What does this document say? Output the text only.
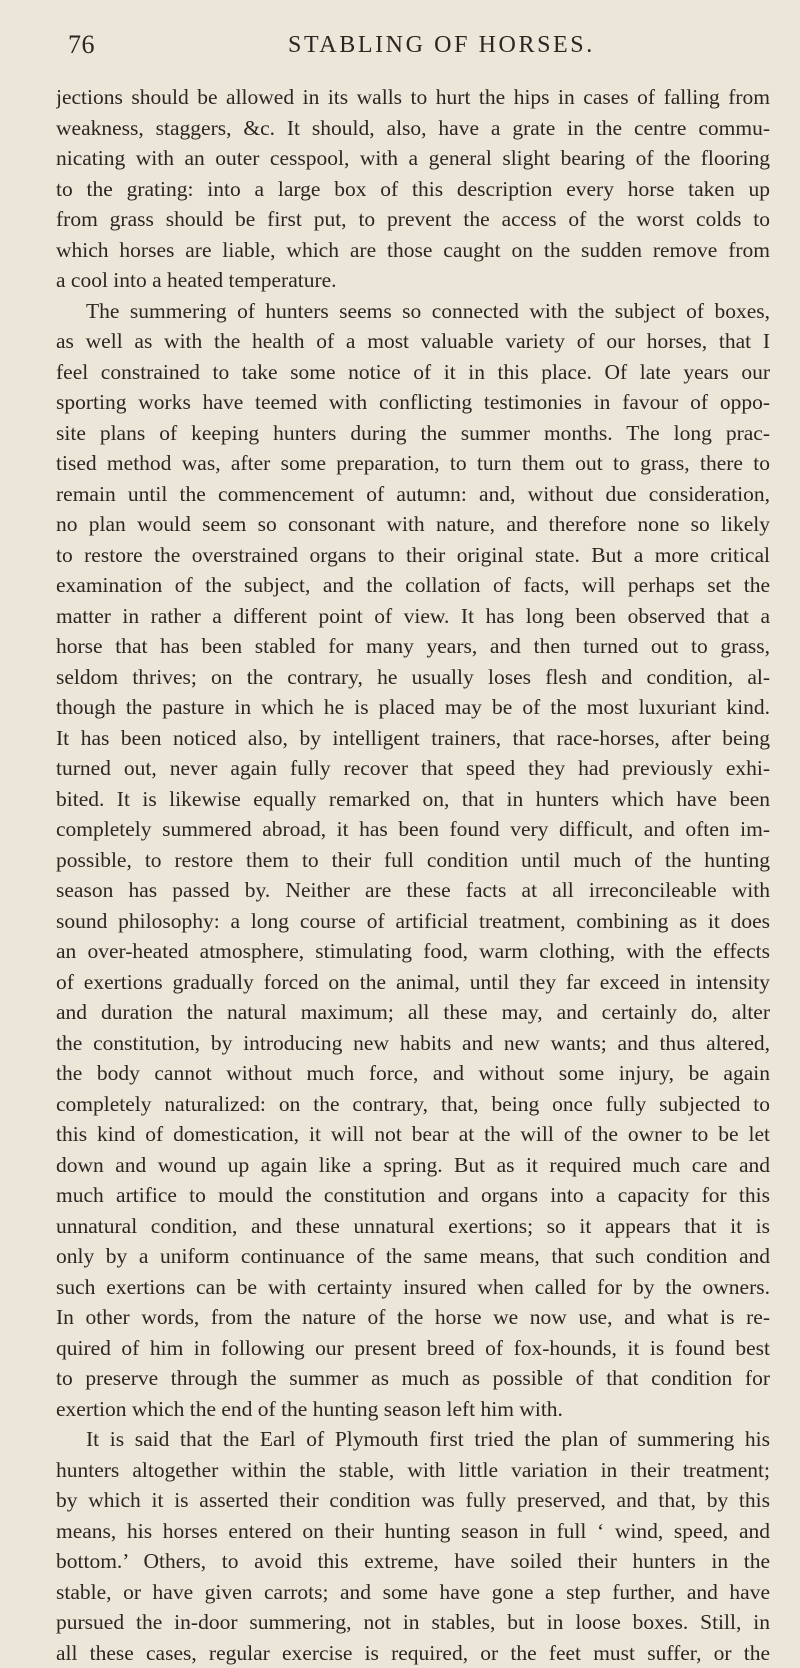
76	STABLING OF HORSES.
jections should be allowed in its walls to hurt the hips in cases of falling from
weakness, staggers, &c. It should, also, have a grate in the centre commu-
nicating with an outer cesspool, with a general slight bearing of the flooring
to the grating: into a large box of this description every horse taken up
from grass should be first put, to prevent the access of the worst colds to
which horses are liable, which are those caught on the sudden remove from
a cool into a heated temperature.
The summering of hunters seems so connected with the subject of boxes,
as well as with the health of a most valuable variety of our horses, that I
feel constrained to take some notice of it in this place. Of late years our
sporting works have teemed with conflicting testimonies in favour of oppo-
site plans of keeping hunters during the summer months. The long prac-
tised method was, after some preparation, to turn them out to grass, there to
remain until the commencement of autumn: and, without due consideration,
no plan would seem so consonant with nature, and therefore none so likely
to restore the overstrained organs to their original state. But a more critical
examination of the subject, and the collation of facts, will perhaps set the
matter in rather a different point of view. It has long been observed that a
horse that has been stabled for many years, and then turned out to grass,
seldom thrives; on the contrary, he usually loses flesh and condition, al-
though the pasture in which he is placed may be of the most luxuriant kind.
It has been noticed also, by intelligent trainers, that race-horses, after being
turned out, never again fully recover that speed they had previously exhi-
bited. It is likewise equally remarked on, that in hunters which have been
completely summered abroad, it has been found very difficult, and often im-
possible, to restore them to their full condition until much of the hunting
season has passed by. Neither are these facts at all irreconcileable with
sound philosophy: a long course of artificial treatment, combining as it does
an over-heated atmosphere, stimulating food, warm clothing, with the effects
of exertions gradually forced on the animal, until they far exceed in intensity
and duration the natural maximum; all these may, and certainly do, alter
the constitution, by introducing new habits and new wants; and thus altered,
the body cannot without much force, and without some injury, be again
completely naturalized: on the contrary, that, being once fully subjected to
this kind of domestication, it will not bear at the will of the owner to be let
down and wound up again like a spring. But as it required much care and
much artifice to mould the constitution and organs into a capacity for this
unnatural condition, and these unnatural exertions; so it appears that it is
only by a uniform continuance of the same means, that such condition and
such exertions can be with certainty insured when called for by the owners.
In other words, from the nature of the horse we now use, and what is re-
quired of him in following our present breed of fox-hounds, it is found best
to preserve through the summer as much as possible of that condition for
exertion which the end of the hunting season left him with.
It is said that the Earl of Plymouth first tried the plan of summering his
hunters altogether within the stable, with little variation in their treatment;
by which it is asserted their condition was fully preserved, and that, by this
means, his horses entered on their hunting season in full ‘ wind, speed, and
bottom.’ Others, to avoid this extreme, have soiled their hunters in the
stable, or have given carrots; and some have gone a step further, and have
pursued the in-door summering, not in stables, but in loose boxes. Still, in
all these cases, regular exercise is required, or the feet must suffer, or the
